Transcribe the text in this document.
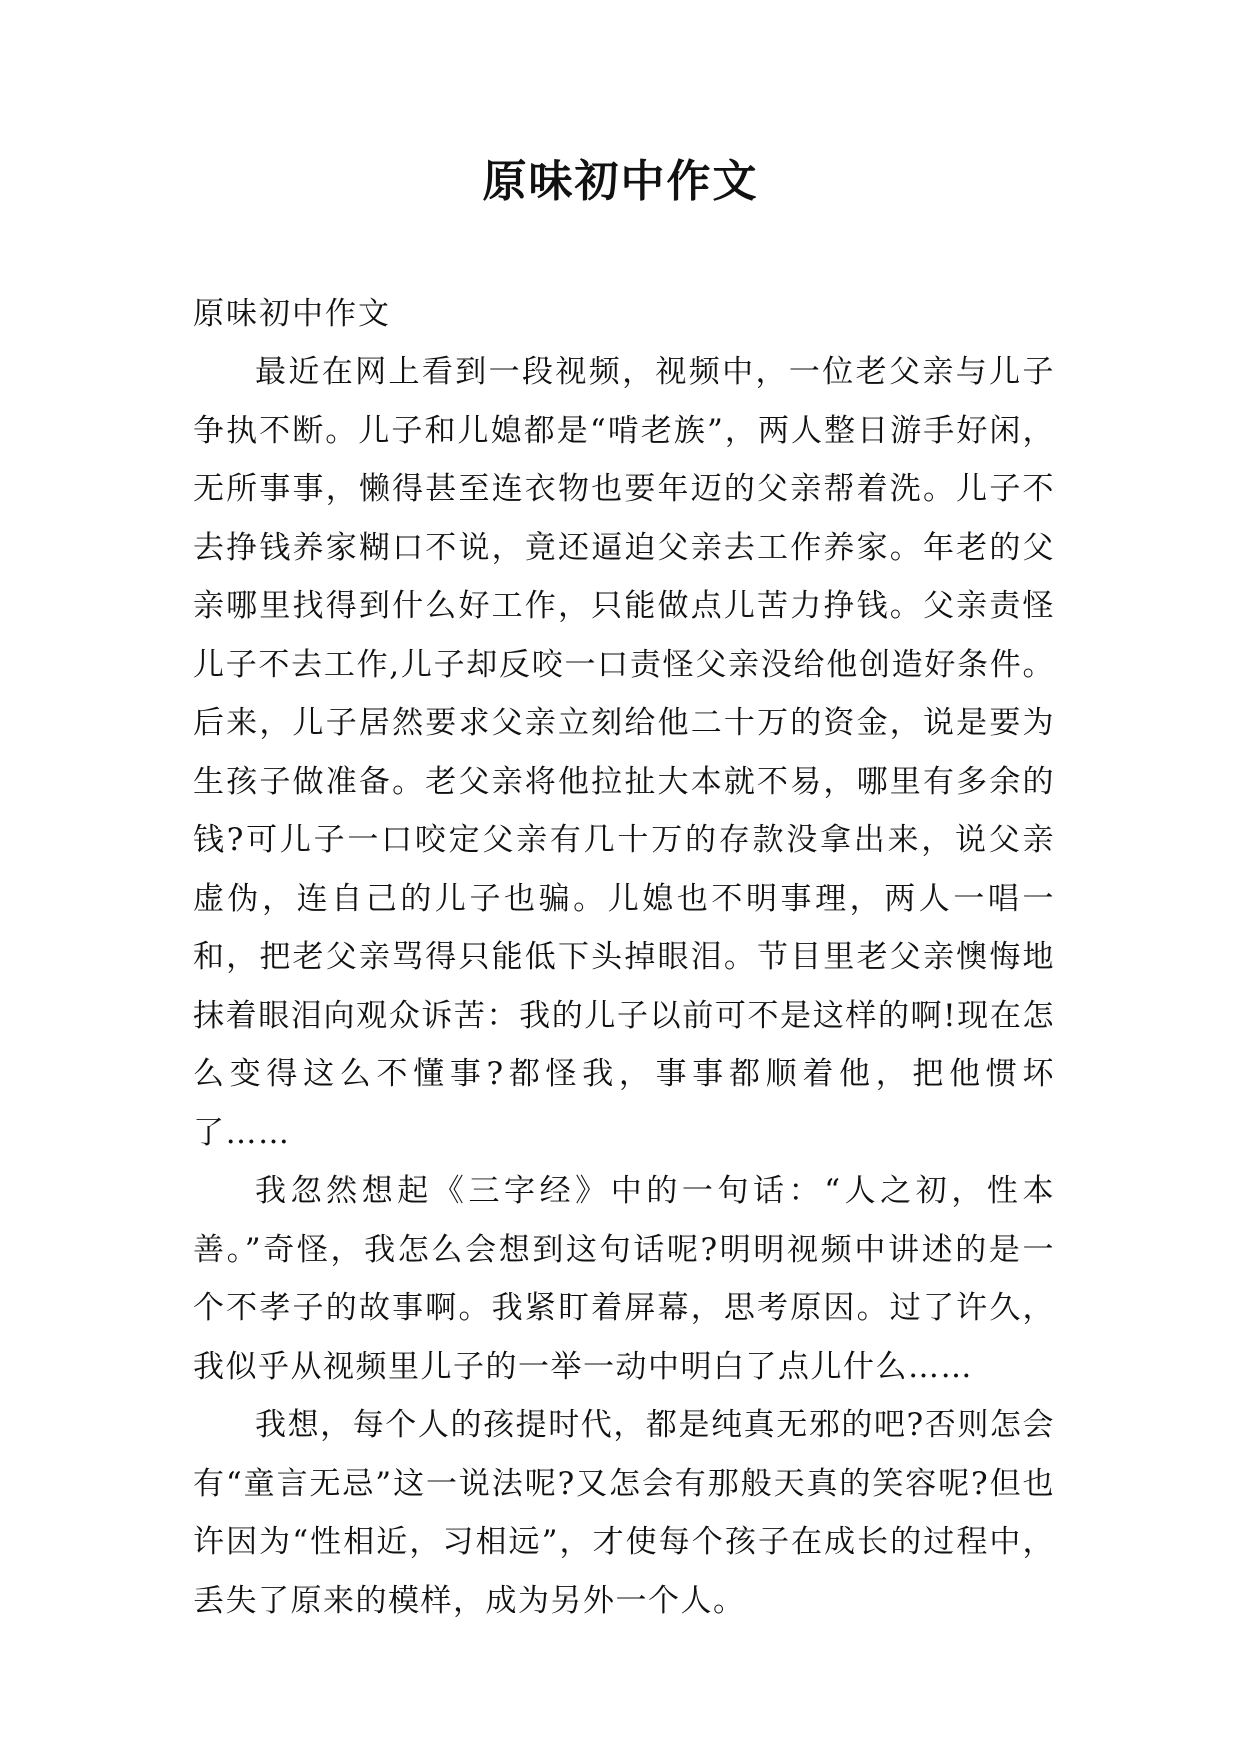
原味初中作文

原味初中作文

最近在网上看到一段视频，视频中，一位老父亲与儿子争执不断。儿子和儿媳都是“啃老族”，两人整日游手好闲，无所事事，懒得甚至连衣物也要年迈的父亲帮着洗。儿子不去挣钱养家糊口不说，竟还逼迫父亲去工作养家。年老的父亲哪里找得到什么好工作，只能做点儿苦力挣钱。父亲责怪儿子不去工作,儿子却反咬一口责怪父亲没给他创造好条件。后来，儿子居然要求父亲立刻给他二十万的资金，说是要为生孩子做准备。老父亲将他拉扯大本就不易，哪里有多余的钱?可儿子一口咬定父亲有几十万的存款没拿出来，说父亲虚伪，连自己的儿子也骗。儿媳也不明事理，两人一唱一和，把老父亲骂得只能低下头掉眼泪。节目里老父亲懊悔地抹着眼泪向观众诉苦：我的儿子以前可不是这样的啊!现在怎么变得这么不懂事?都怪我，事事都顺着他，把他惯坏了……

我忽然想起《三字经》中的一句话：“人之初，性本善。”奇怪，我怎么会想到这句话呢?明明视频中讲述的是一个不孝子的故事啊。我紧盯着屏幕，思考原因。过了许久，我似乎从视频里儿子的一举一动中明白了点儿什么……

我想，每个人的孩提时代，都是纯真无邪的吧?否则怎会有“童言无忌”这一说法呢?又怎会有那般天真的笑容呢?但也许因为“性相近，习相远”，才使每个孩子在成长的过程中，丢失了原来的模样，成为另外一个人。
